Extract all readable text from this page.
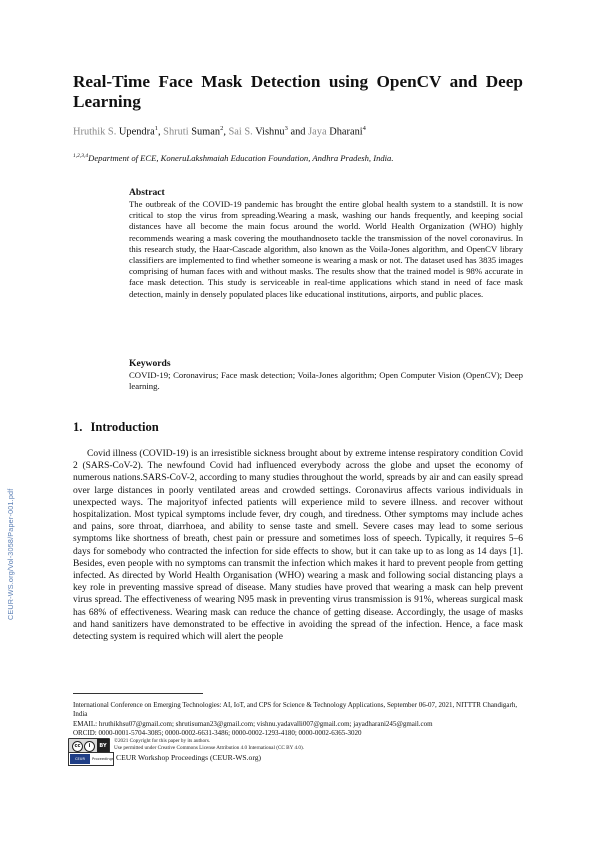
CEUR-WS.org/Vol-3058/Paper-001.pdf
Real-Time Face Mask Detection using OpenCV and Deep Learning
Hruthik S. Upendra$^1$, Shruti Suman$^2$, Sai S. Vishnu$^3$ and Jaya Dharani$^4$
$^{1,2,3,4}$Department of ECE, KoneruLakshmaiah Education Foundation, Andhra Pradesh, India.
Abstract
The outbreak of the COVID-19 pandemic has brought the entire global health system to a standstill. It is now critical to stop the virus from spreading.Wearing a mask, washing our hands frequently, and keeping social distances have all become the main focus around the world. World Health Organization (WHO) highly recommends wearing a mask covering the mouthandnoseto tackle the transmission of the novel coronavirus. In this research study, the Haar-Cascade algorithm, also known as the Voila-Jones algorithm, and OpenCV library classifiers are implemented to find whether someone is wearing a mask or not. The dataset used has 3835 images comprising of human faces with and without masks. The results show that the trained model is 98% accurate in face mask detection. This study is serviceable in real-time applications which stand in need of face mask detection, mainly in densely populated places like educational institutions, airports, and public places.
Keywords
COVID-19; Coronavirus; Face mask detection; Voila-Jones algorithm; Open Computer Vision (OpenCV); Deep learning.
1. Introduction
Covid illness (COVID-19) is an irresistible sickness brought about by extreme intense respiratory condition Covid 2 (SARS-CoV-2). The newfound Covid had influenced everybody across the globe and upset the economy of numerous nations.SARS-CoV-2, according to many studies throughout the world, spreads by air and can easily spread over large distances in poorly ventilated areas and crowded settings. Coronavirus affects various individuals in unexpected ways. The majorityof infected patients will experience mild to severe illness. and recover without hospitalization. Most typical symptoms include fever, dry cough, and tiredness. Other symptoms may include aches and pains, sore throat, diarrhoea, and ability to sense taste and smell. Severe cases may lead to some serious symptoms like shortness of breath, chest pain or pressure and sometimes loss of speech. Typically, it requires 5–6 days for somebody who contracted the infection for side effects to show, but it can take up to as long as 14 days [1]. Besides, even people with no symptoms can transmit the infection which makes it hard to prevent people from getting infected. As directed by World Health Organisation (WHO) wearing a mask and following social distancing plays a key role in preventing massive spread of disease. Many studies have proved that wearing a mask can help prevent virus spread. The effectiveness of wearing N95 mask in preventing virus transmission is 91%, whereas surgical mask has 68% of effectiveness. Wearing mask can reduce the chance of getting disease. Accordingly, the usage of masks and hand sanitizers have demonstrated to be effective in avoiding the spread of the infection. Hence, a face mask detecting system is required which will alert the people
International Conference on Emerging Technologies: AI, IoT, and CPS for Science & Technology Applications, September 06-07, 2021, NITTTR Chandigarh, India
EMAIL: hruthikhsu07@gmail.com; shrutisuman23@gmail.com; vishnu.yadavalli007@gmail.com; jayadharani245@gmail.com
ORCID: 0000-0001-5704-3085; 0000-0002-6631-3486; 0000-0002-1293-4180; 0000-0002-6365-3020
cc	i	BY
©2021 Copyright for this paper by its authors.
Use permitted under Creative Commons License Attribution 4.0 International (CC BY 4.0).
CEUR Workshop
Proceedings CEUR Workshop Proceedings (CEUR-WS.org)
